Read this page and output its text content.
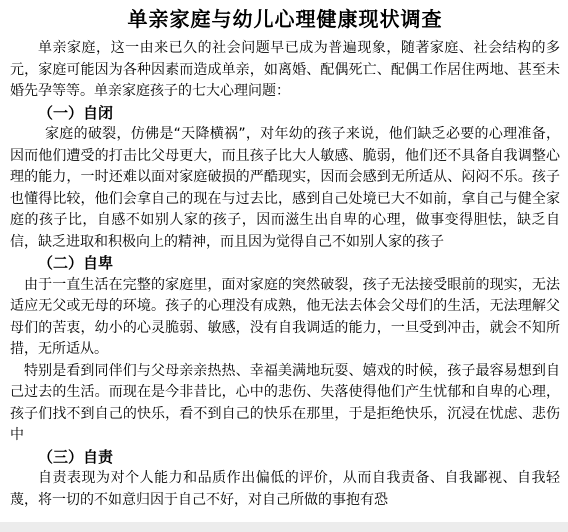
单亲家庭与幼儿心理健康现状调查

单亲家庭，这一由来已久的社会问题早已成为普遍现象，随著家庭、社会结构的多元，家庭可能因为各种因素而造成单亲，如离婚、配偶死亡、配偶工作居住两地、甚至未婚先孕等等。单亲家庭孩子的七大心理问题：

（一）自闭

家庭的破裂，仿佛是“天降横祸”，对年幼的孩子来说，他们缺乏必要的心理准备，因而他们遭受的打击比父母更大，而且孩子比大人敏感、脆弱，他们还不具备自我调整心理的能力，一时还难以面对家庭破损的严酷现实，因而会感到无所适从、闷闷不乐。孩子也懂得比较，他们会拿自己的现在与过去比，感到自己处境已大不如前，拿自己与健全家庭的孩子比，自感不如别人家的孩子，因而滋生出自卑的心理，做事变得胆怯，缺乏自信，缺乏进取和积极向上的精神，而且因为觉得自己不如别人家的孩子

（二）自卑

由于一直生活在完整的家庭里，面对家庭的突然破裂，孩子无法接受眼前的现实，无法适应无父或无母的环境。孩子的心理没有成熟，他无法去体会父母们的生活，无法理解父母们的苦衷，幼小的心灵脆弱、敏感，没有自我调适的能力，一旦受到冲击，就会不知所措，无所适从。

特别是看到同伴们与父母亲亲热热、幸福美满地玩耍、嬉戏的时候，孩子最容易想到自己过去的生活。而现在是今非昔比，心中的悲伤、失落使得他们产生忧郁和自卑的心理，孩子们找不到自己的快乐，看不到自己的快乐在那里，于是拒绝快乐，沉浸在忧虑、悲伤中

（三）自责

自责表现为对个人能力和品质作出偏低的评价，从而自我责备、自我鄙视、自我轻蔑，将一切的不如意归因于自己不好，对自己所做的事抱有恐
